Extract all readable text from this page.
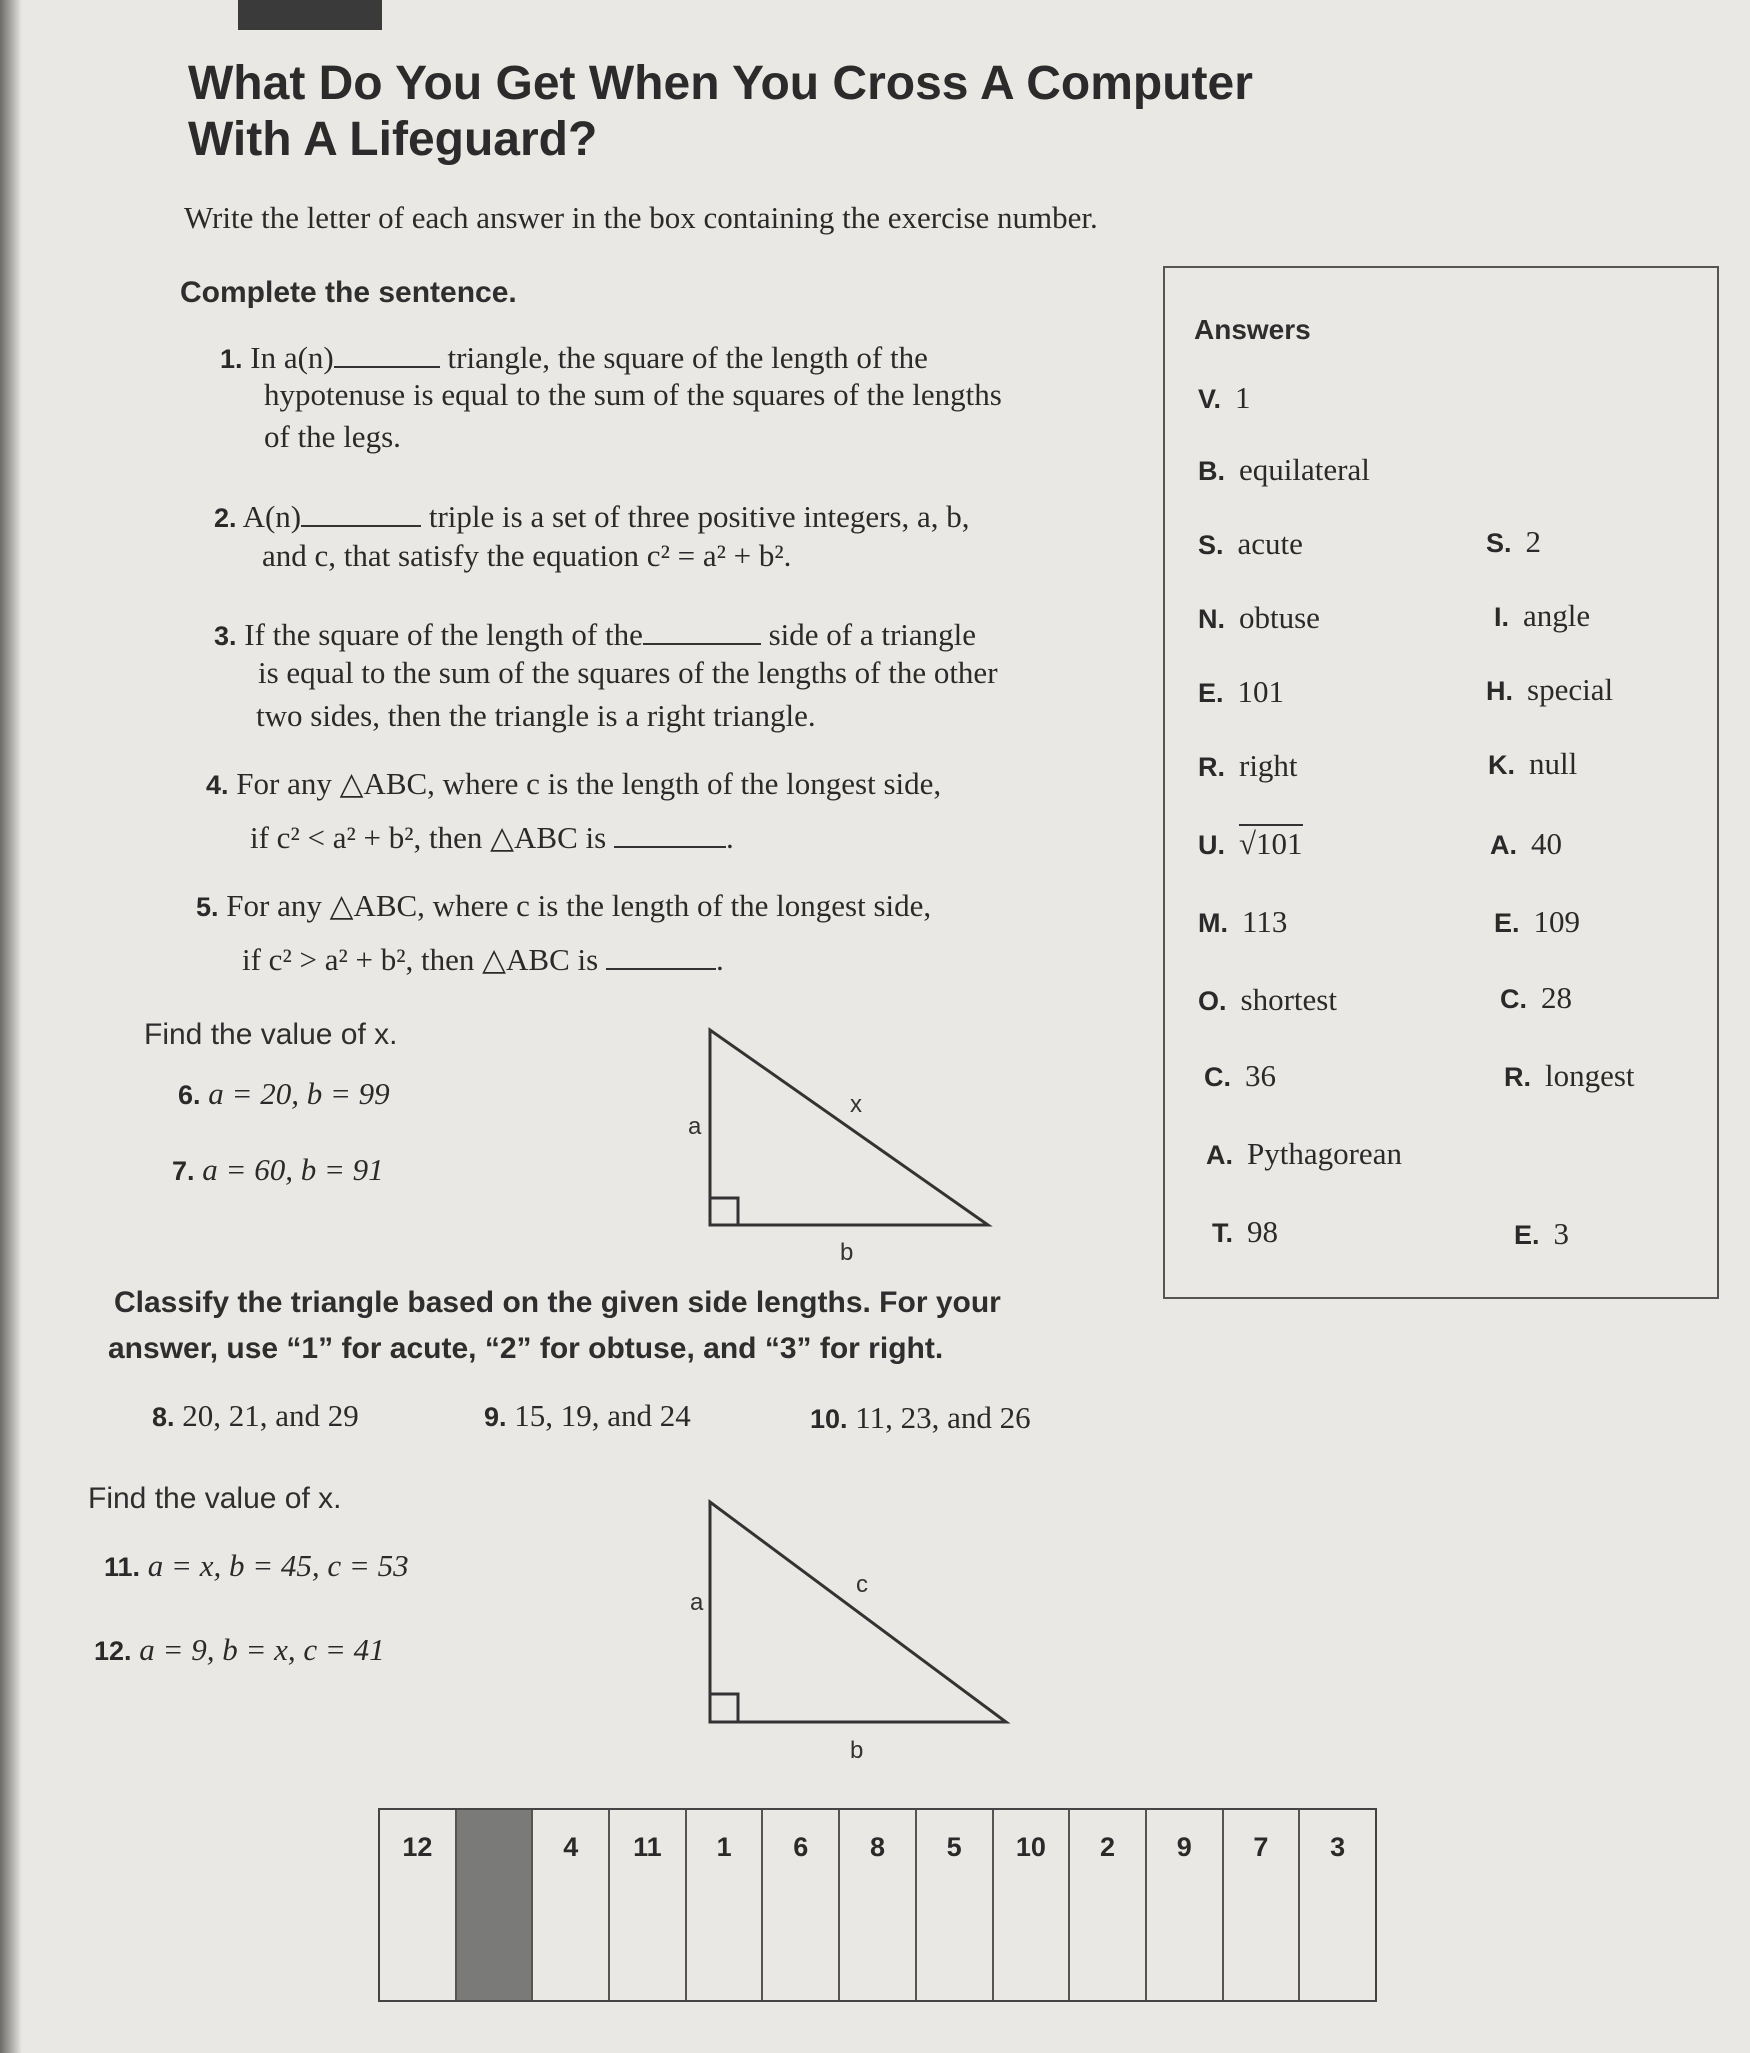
What Do You Get When You Cross A Computer
With A Lifeguard?
Write the letter of each answer in the box containing the exercise number.
Complete the sentence.
1. In a(n)	triangle, the square of the length of the
hypotenuse is equal to the sum of the squares of the lengths
of the legs.
2. A(n)	triple is a set of three positive integers, a, b,
and c, that satisfy the equation c² = a² + b².
3. If the square of the length of the	side of a triangle
is equal to the sum of the squares of the lengths of the other
two sides, then the triangle is a right triangle.
4. For any △ABC, where c is the length of the longest side,
if c² < a² + b², then △ABC is	.
5. For any △ABC, where c is the length of the longest side,
if c² > a² + b², then △ABC is	.
Find the value of x.
6. a = 20, b = 99
7. a = 60, b = 91
a
x
b
Classify the triangle based on the given side lengths. For your
answer, use “1” for acute, “2” for obtuse, and “3” for right.
8. 20, 21, and 29	9. 15, 19, and 24	10. 11, 23, and 26
Find the value of x.
11. a = x, b = 45, c = 53
12. a = 9, b = x, c = 41
a
c
b
Answers
V. 1
B. equilateral
S. acute	S. 2
N. obtuse	I. angle
E. 101	H. special
R. right	K. null
U. √101	A. 40
M. 113	E. 109
O. shortest	C. 28
C. 36	R. longest
A. Pythagorean
T. 98	E. 3
12	4	11	1	6	8	5	10	2	9	7	3
